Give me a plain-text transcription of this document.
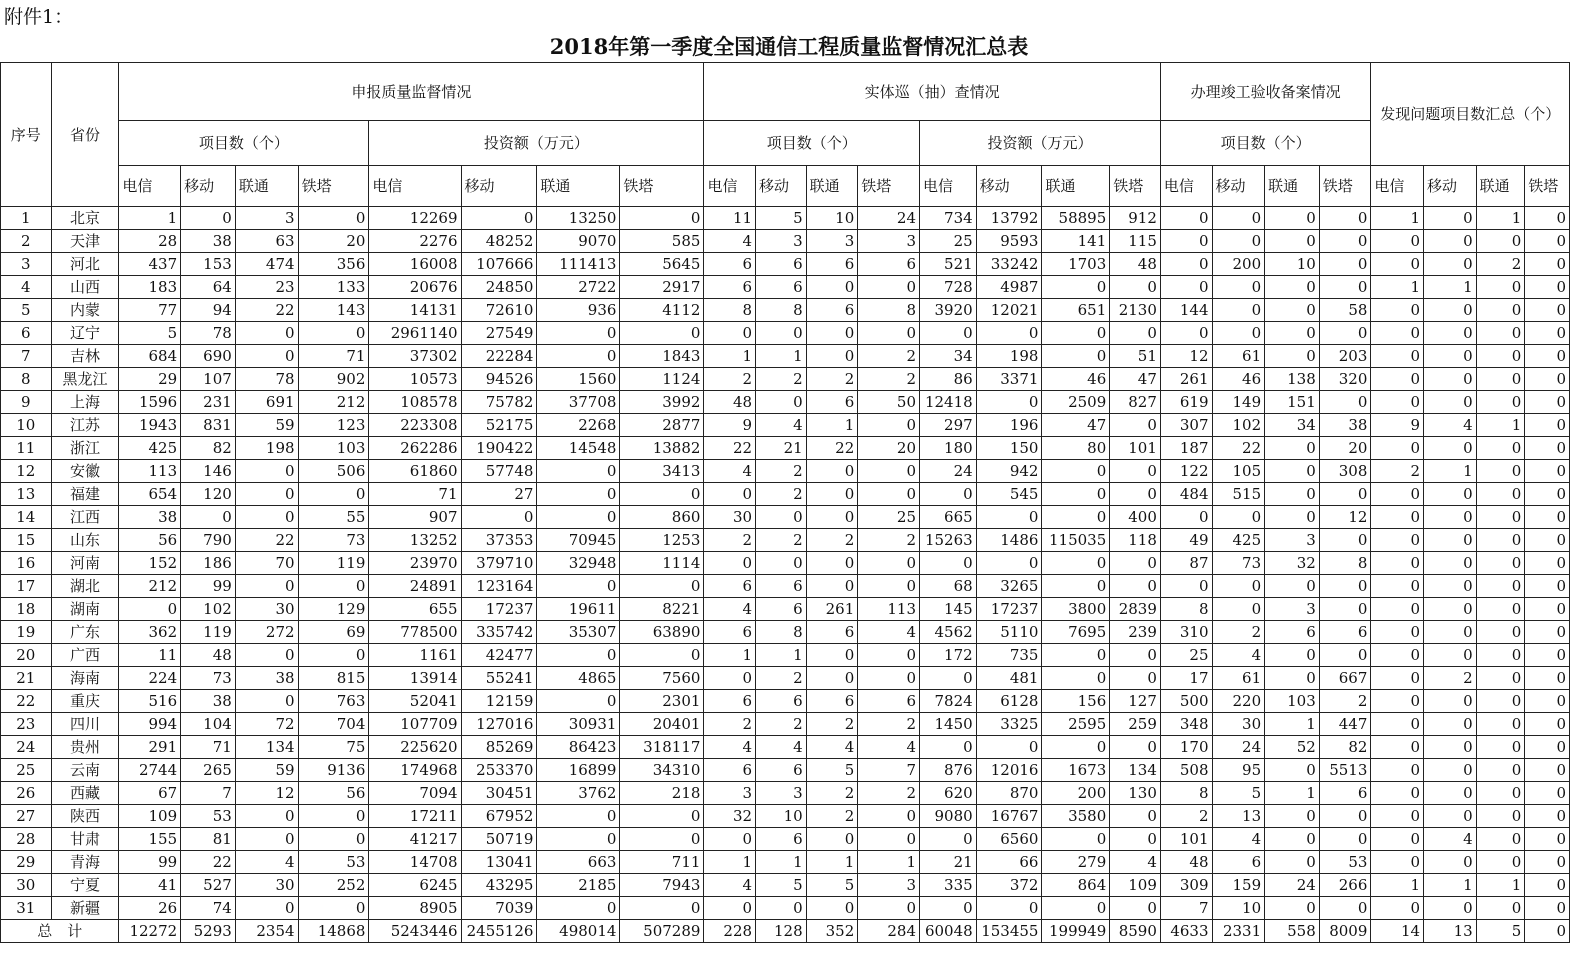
附件1：
2018年第一季度全国通信工程质量监督情况汇总表
序号	省份	申报质量监督情况								实体巡（抽）查情况								办理竣工验收备案情况				发现问题项目数汇总（个）			
		项目数（个）				投资额（万元）				项目数（个）				投资额（万元）				项目数（个）							
		电信	移动	联通	铁塔	电信	移动	联通	铁塔	电信	移动	联通	铁塔	电信	移动	联通	铁塔	电信	移动	联通	铁塔	电信	移动	联通	铁塔
1	北京	1	0	3	0	12269	0	13250	0	11	5	10	24	734	13792	58895	912	0	0	0	0	1	0	1	0
2	天津	28	38	63	20	2276	48252	9070	585	4	3	3	3	25	9593	141	115	0	0	0	0	0	0	0	0
3	河北	437	153	474	356	16008	107666	111413	5645	6	6	6	6	521	33242	1703	48	0	200	10	0	0	0	2	0
4	山西	183	64	23	133	20676	24850	2722	2917	6	6	0	0	728	4987	0	0	0	0	0	0	1	1	0	0
5	内蒙	77	94	22	143	14131	72610	936	4112	8	8	6	8	3920	12021	651	2130	144	0	0	58	0	0	0	0
6	辽宁	5	78	0	0	2961140	27549	0	0	0	0	0	0	0	0	0	0	0	0	0	0	0	0	0	0
7	吉林	684	690	0	71	37302	22284	0	1843	1	1	0	2	34	198	0	51	12	61	0	203	0	0	0	0
8	黑龙江	29	107	78	902	10573	94526	1560	1124	2	2	2	2	86	3371	46	47	261	46	138	320	0	0	0	0
9	上海	1596	231	691	212	108578	75782	37708	3992	48	0	6	50	12418	0	2509	827	619	149	151	0	0	0	0	0
10	江苏	1943	831	59	123	223308	52175	2268	2877	9	4	1	0	297	196	47	0	307	102	34	38	9	4	1	0
11	浙江	425	82	198	103	262286	190422	14548	13882	22	21	22	20	180	150	80	101	187	22	0	20	0	0	0	0
12	安徽	113	146	0	506	61860	57748	0	3413	4	2	0	0	24	942	0	0	122	105	0	308	2	1	0	0
13	福建	654	120	0	0	71	27	0	0	0	2	0	0	0	545	0	0	484	515	0	0	0	0	0	0
14	江西	38	0	0	55	907	0	0	860	30	0	0	25	665	0	0	400	0	0	0	12	0	0	0	0
15	山东	56	790	22	73	13252	37353	70945	1253	2	2	2	2	15263	1486	115035	118	49	425	3	0	0	0	0	0
16	河南	152	186	70	119	23970	379710	32948	1114	0	0	0	0	0	0	0	0	87	73	32	8	0	0	0	0
17	湖北	212	99	0	0	24891	123164	0	0	6	6	0	0	68	3265	0	0	0	0	0	0	0	0	0	0
18	湖南	0	102	30	129	655	17237	19611	8221	4	6	261	113	145	17237	3800	2839	8	0	3	0	0	0	0	0
19	广东	362	119	272	69	778500	335742	35307	63890	6	8	6	4	4562	5110	7695	239	310	2	6	6	0	0	0	0
20	广西	11	48	0	0	1161	42477	0	0	1	1	0	0	172	735	0	0	25	4	0	0	0	0	0	0
21	海南	224	73	38	815	13914	55241	4865	7560	0	2	0	0	0	481	0	0	17	61	0	667	0	2	0	0
22	重庆	516	38	0	763	52041	12159	0	2301	6	6	6	6	7824	6128	156	127	500	220	103	2	0	0	0	0
23	四川	994	104	72	704	107709	127016	30931	20401	2	2	2	2	1450	3325	2595	259	348	30	1	447	0	0	0	0
24	贵州	291	71	134	75	225620	85269	86423	318117	4	4	4	4	0	0	0	0	170	24	52	82	0	0	0	0
25	云南	2744	265	59	9136	174968	253370	16899	34310	6	6	5	7	876	12016	1673	134	508	95	0	5513	0	0	0	0
26	西藏	67	7	12	56	7094	30451	3762	218	3	3	2	2	620	870	200	130	8	5	1	6	0	0	0	0
27	陕西	109	53	0	0	17211	67952	0	0	32	10	2	0	9080	16767	3580	0	2	13	0	0	0	0	0	0
28	甘肃	155	81	0	0	41217	50719	0	0	0	6	0	0	0	6560	0	0	101	4	0	0	0	4	0	0
29	青海	99	22	4	53	14708	13041	663	711	1	1	1	1	21	66	279	4	48	6	0	53	0	0	0	0
30	宁夏	41	527	30	252	6245	43295	2185	7943	4	5	5	3	335	372	864	109	309	159	24	266	1	1	1	0
31	新疆	26	74	0	0	8905	7039	0	0	0	0	0	0	0	0	0	0	7	10	0	0	0	0	0	0
总　计		12272	5293	2354	14868	5243446	2455126	498014	507289	228	128	352	284	60048	153455	199949	8590	4633	2331	558	8009	14	13	5	0
